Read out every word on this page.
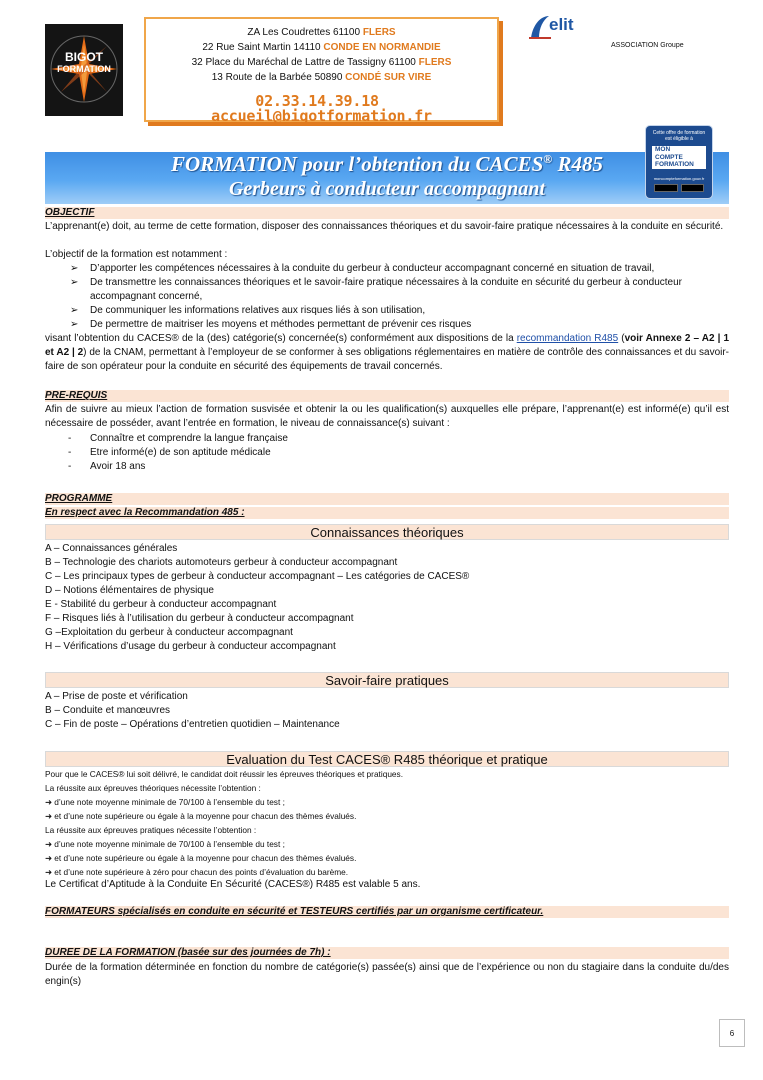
BIGOT
FORMATION
ZA Les Coudrettes 61100 FLERS
22 Rue Saint Martin 14110 CONDE EN NORMANDIE
32 Place du Maréchal de Lattre de Tassigny 61100 FLERS
13 Route de la Barbée 50890 CONDÉ SUR VIRE
02.33.14.39.18  accueil@bigotformation.fr
elit
ASSOCIATION Groupe
FORMATION pour l’obtention du CACES® R485
Gerbeurs à conducteur accompagnant
Cette offre de formation est éligible à
MON
COMPTE
FORMATION
moncompteformation.gouv.fr
OBJECTIF
L’apprenant(e) doit, au terme de cette formation, disposer des connaissances théoriques et du savoir-faire pratique nécessaires à la conduite en sécurité.
L’objectif de la formation est notamment :
➢ D’apporter les compétences nécessaires à la conduite du gerbeur à conducteur accompagnant concerné en situation de travail,
➢ De transmettre les connaissances théoriques et le savoir-faire pratique nécessaires à la conduite en sécurité du gerbeur à conducteur accompagnant concerné,
➢ De communiquer les informations relatives aux risques liés à son utilisation,
➢ De permettre de maitriser les moyens et méthodes permettant de prévenir ces risques
visant l’obtention du CACES® de la (des) catégorie(s) concernée(s) conformément aux dispositions de la recommandation R485 (voir Annexe 2 – A2 | 1 et A2 | 2) de la CNAM, permettant à l’employeur de se conformer à ses obligations réglementaires en matière de contrôle des connaissances et du savoir-faire de son opérateur pour la conduite en sécurité des équipements de travail concernés.
PRE-REQUIS
Afin de suivre au mieux l’action de formation susvisée et obtenir la ou les qualification(s) auxquelles elle prépare, l’apprenant(e) est informé(e) qu’il est nécessaire de posséder, avant l’entrée en formation, le niveau de connaissance(s) suivant :
- Connaître et comprendre la langue française
- Etre informé(e) de son aptitude médicale
- Avoir 18 ans
PROGRAMME
En respect avec la Recommandation 485 :
Connaissances théoriques
A – Connaissances générales
B – Technologie des chariots automoteurs gerbeur à conducteur accompagnant
C – Les principaux types de gerbeur à conducteur accompagnant – Les catégories de CACES®
D – Notions élémentaires de physique
E - Stabilité du gerbeur à conducteur accompagnant
F – Risques liés à l’utilisation du gerbeur à conducteur accompagnant
G –Exploitation du gerbeur à conducteur accompagnant
H – Vérifications d’usage du gerbeur à conducteur accompagnant
Savoir-faire pratiques
A – Prise de poste et vérification
B – Conduite et manœuvres
C – Fin de poste – Opérations d’entretien quotidien – Maintenance
Evaluation du Test CACES® R485 théorique et pratique
Pour que le CACES® lui soit délivré, le candidat doit réussir les épreuves théoriques et pratiques.
La réussite aux épreuves théoriques nécessite l’obtention :
➜ d’une note moyenne minimale de 70/100 à l’ensemble du test ;
➜ et d’une note supérieure ou égale à la moyenne pour chacun des thèmes évalués.
La réussite aux épreuves pratiques nécessite l’obtention :
➜ d’une note moyenne minimale de 70/100 à l’ensemble du test ;
➜ et d’une note supérieure ou égale à la moyenne pour chacun des thèmes évalués.
➜ et d’une note supérieure à zéro pour chacun des points d’évaluation du barème.
Le Certificat d’Aptitude à la Conduite En Sécurité (CACES®) R485 est valable 5 ans.
FORMATEURS spécialisés en conduite en sécurité et TESTEURS certifiés par un organisme certificateur.
DUREE DE LA FORMATION (basée sur des journées de 7h) :
Durée de la formation déterminée en fonction du nombre de catégorie(s) passée(s) ainsi que de l’expérience ou non du stagiaire dans la conduite du/des engin(s)
6
